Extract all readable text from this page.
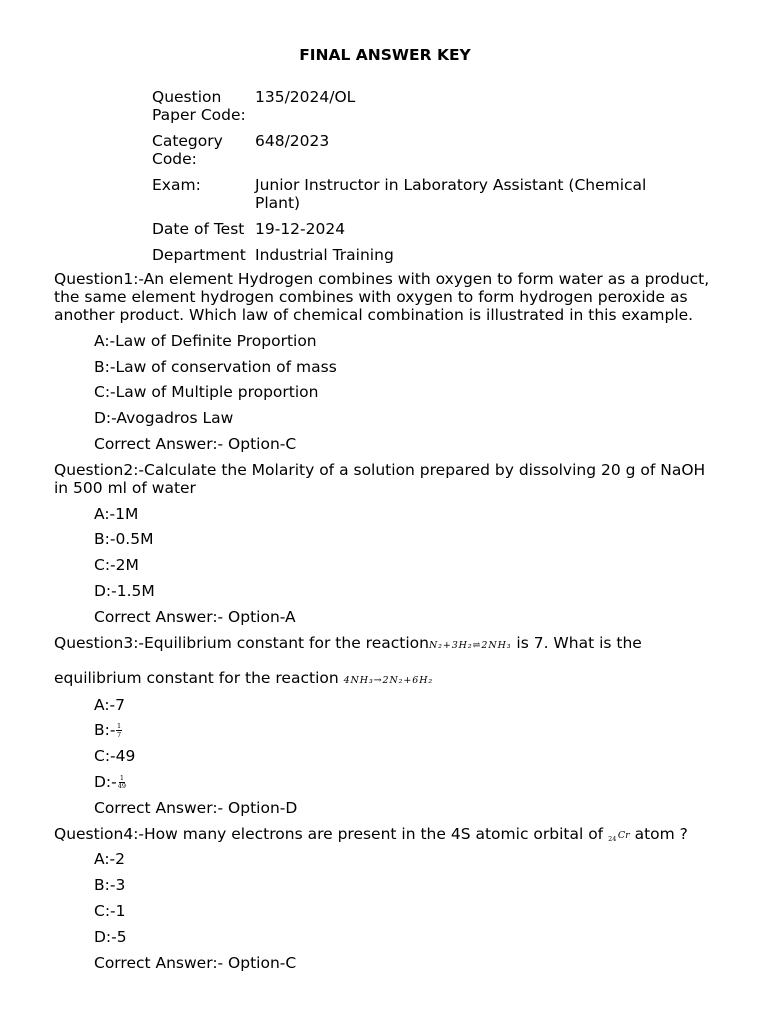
FINAL ANSWER KEY
Question Paper Code:
135/2024/OL
Category Code:
648/2023
Exam:	Junior Instructor in Laboratory Assistant (Chemical Plant)
Date of Test 19-12-2024
Department Industrial Training
Question1:-An element Hydrogen combines with oxygen to form water as a product, the same element hydrogen combines with oxygen to form hydrogen peroxide as another product. Which law of chemical combination is illustrated in this example.
A:-Law of Definite Proportion
B:-Law of conservation of mass
C:-Law of Multiple proportion
D:-Avogadros Law
Correct Answer:- Option-C
Question2:-Calculate the Molarity of a solution prepared by dissolving 20 g of NaOH in 500 ml of water
A:-1M
B:-0.5M
C:-2M
D:-1.5M
Correct Answer:- Option-A
Question3:-Equilibrium constant for the reactionN₂+3H₂⇌2NH₃ is 7. What is the equilibrium constant for the reaction 4NH₃→2N₂+6H₂
A:-7
B:- $\frac{1}{7}$
C:-49
D:- $\frac{1}{49}$
Correct Answer:- Option-D
Question4:-How many electrons are present in the 4S atomic orbital of 24 Cr atom ?
A:-2
B:-3
C:-1
D:-5
Correct Answer:- Option-C
